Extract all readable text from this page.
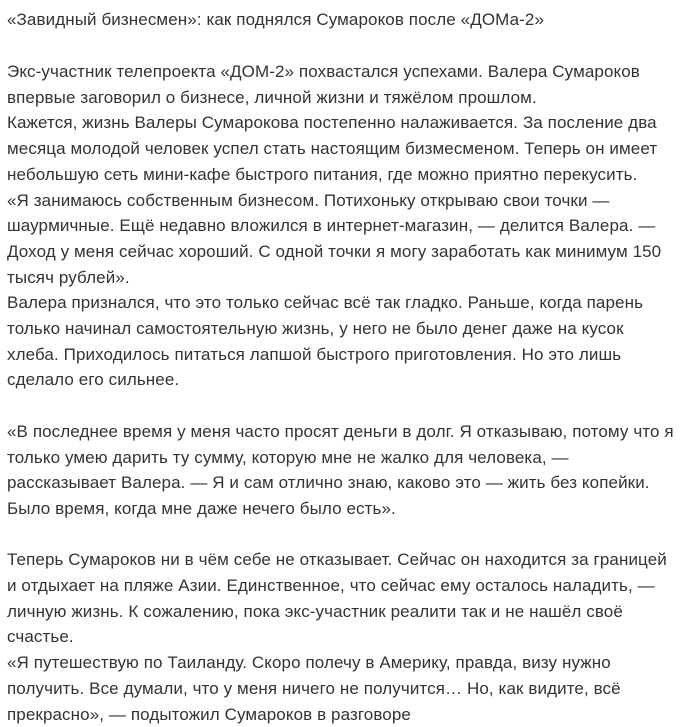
«Завидный бизнесмен»: как поднялся Сумароков после «ДОМа-2»

Экс-участник телепроекта «ДОМ-2» похвастался успехами. Валера Сумароков
впервые заговорил о бизнесе, личной жизни и тяжёлом прошлом.

Кажется, жизнь Валеры Сумарокова постепенно налаживается. За посление два
месяца молодой человек успел стать настоящим бизмесменом. Теперь он имеет
небольшую сеть мини-кафе быстрого питания, где можно приятно перекусить.

«Я занимаюсь собственным бизнесом. Потихоньку открываю свои точки —
шаурмичные. Ещё недавно вложился в интернет-магазин, — делится Валера. —
Доход у меня сейчас хороший. С одной точки я могу заработать как минимум 150
тысяч рублей».

Валера признался, что это только сейчас всё так гладко. Раньше, когда парень
только начинал самостоятельную жизнь, у него не было денег даже на кусок
хлеба. Приходилось питаться лапшой быстрого приготовления. Но это лишь
сделало его сильнее.

«В последнее время у меня часто просят деньги в долг. Я отказываю, потому что я
только умею дарить ту сумму, которую мне не жалко для человека, —
рассказывает Валера. — Я и сам отлично знаю, каково это — жить без копейки.
Было время, когда мне даже нечего было есть».

Теперь Сумароков ни в чём себе не отказывает. Сейчас он находится за границей
и отдыхает на пляже Азии. Единственное, что сейчас ему осталось наладить, —
личную жизнь. К сожалению, пока экс-участник реалити так и не нашёл своё
счастье.

«Я путешествую по Таиланду. Скоро полечу в Америку, правда, визу нужно
получить. Все думали, что у меня ничего не получится… Но, как видите, всё
прекрасно», — подытожил Сумароков в разговоре
